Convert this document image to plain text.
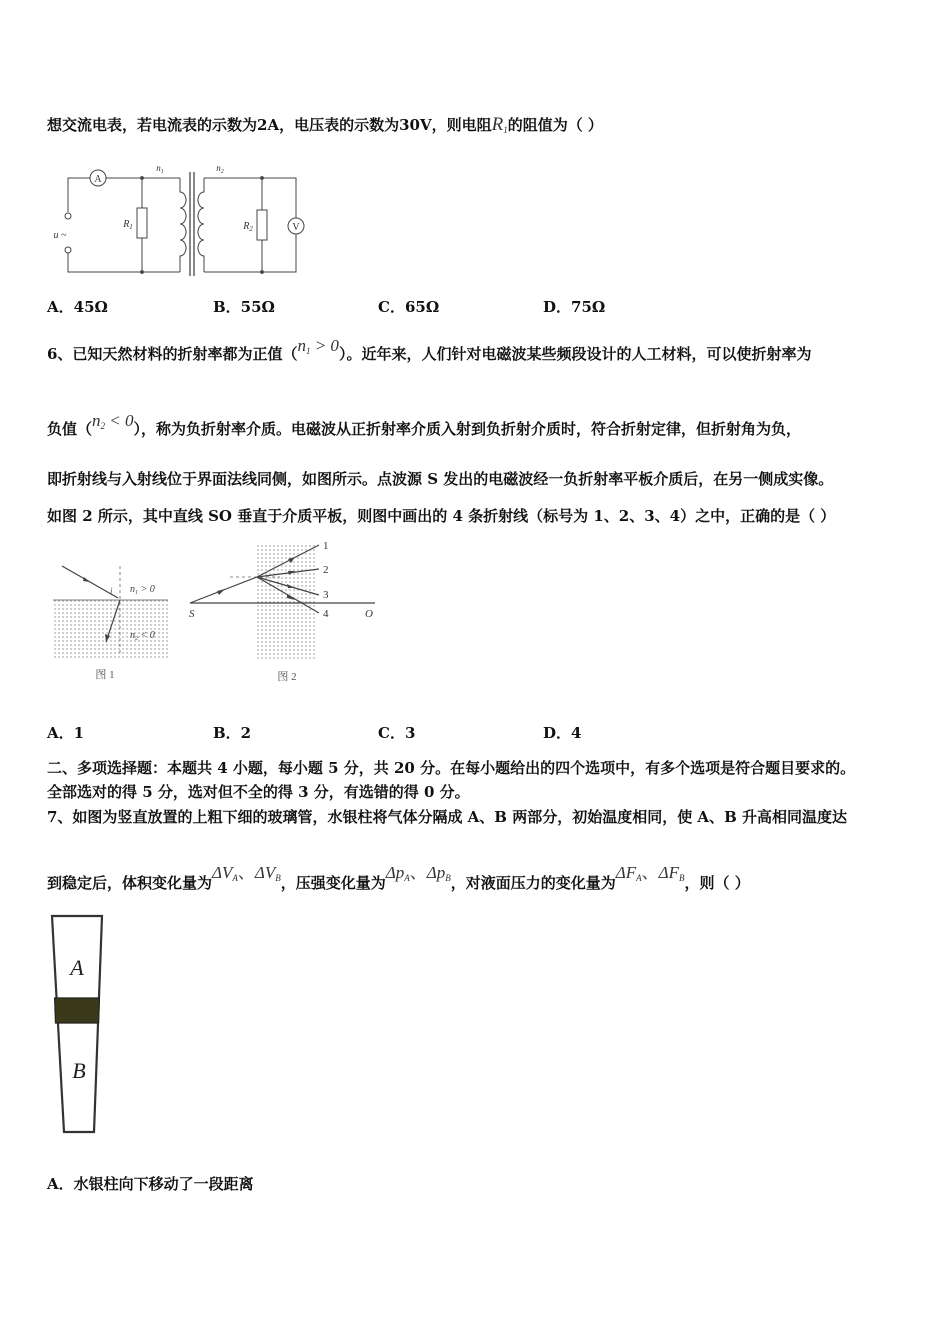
想交流电表，若电流表的示数为2A，电压表的示数为30V，则电阻$R_1$的阻值为（ ）
A
V
$n_1$	$n_2$
$R_1$	$R_2$
u ~
A．45Ω	B．55Ω	C．65Ω	D．75Ω
6、已知天然材料的折射率都为正值$(n_1 > 0)$。近年来，人们针对电磁波某些频段设计的人工材料，可以使折射率为
负值$(n_2 < 0)$，称为负折射率介质。电磁波从正折射率介质入射到负折射介质时，符合折射定律，但折射角为负，
即折射线与入射线位于界面法线同侧，如图所示。点波源 S 发出的电磁波经一负折射率平板介质后，在另一侧成实像。
如图 2 所示，其中直线 SO 垂直于介质平板，则图中画出的 4 条折射线（标号为 1、2、3、4）之中，正确的是（ ）
i $n_1 > 0$
$n_2 < 0$
图 1
1
2
3
4
S	O
图 2
A．1	B．2	C．3	D．4
二、多项选择题：本题共 4 小题，每小题 5 分，共 20 分。在每小题给出的四个选项中，有多个选项是符合题目要求的。
全部选对的得 5 分，选对但不全的得 3 分，有选错的得 0 分。
7、如图为竖直放置的上粗下细的玻璃管，水银柱将气体分隔成 A、B 两部分，初始温度相同，使 A、B 升高相同温度达
到稳定后，体积变化量为$\Delta V_A$、$\Delta V_B$，压强变化量为$\Delta p_A$、$\Delta p_B$，对液面压力的变化量为$\Delta F_A$、$\Delta F_B$，则（ ）
A
B
A．水银柱向下移动了一段距离
